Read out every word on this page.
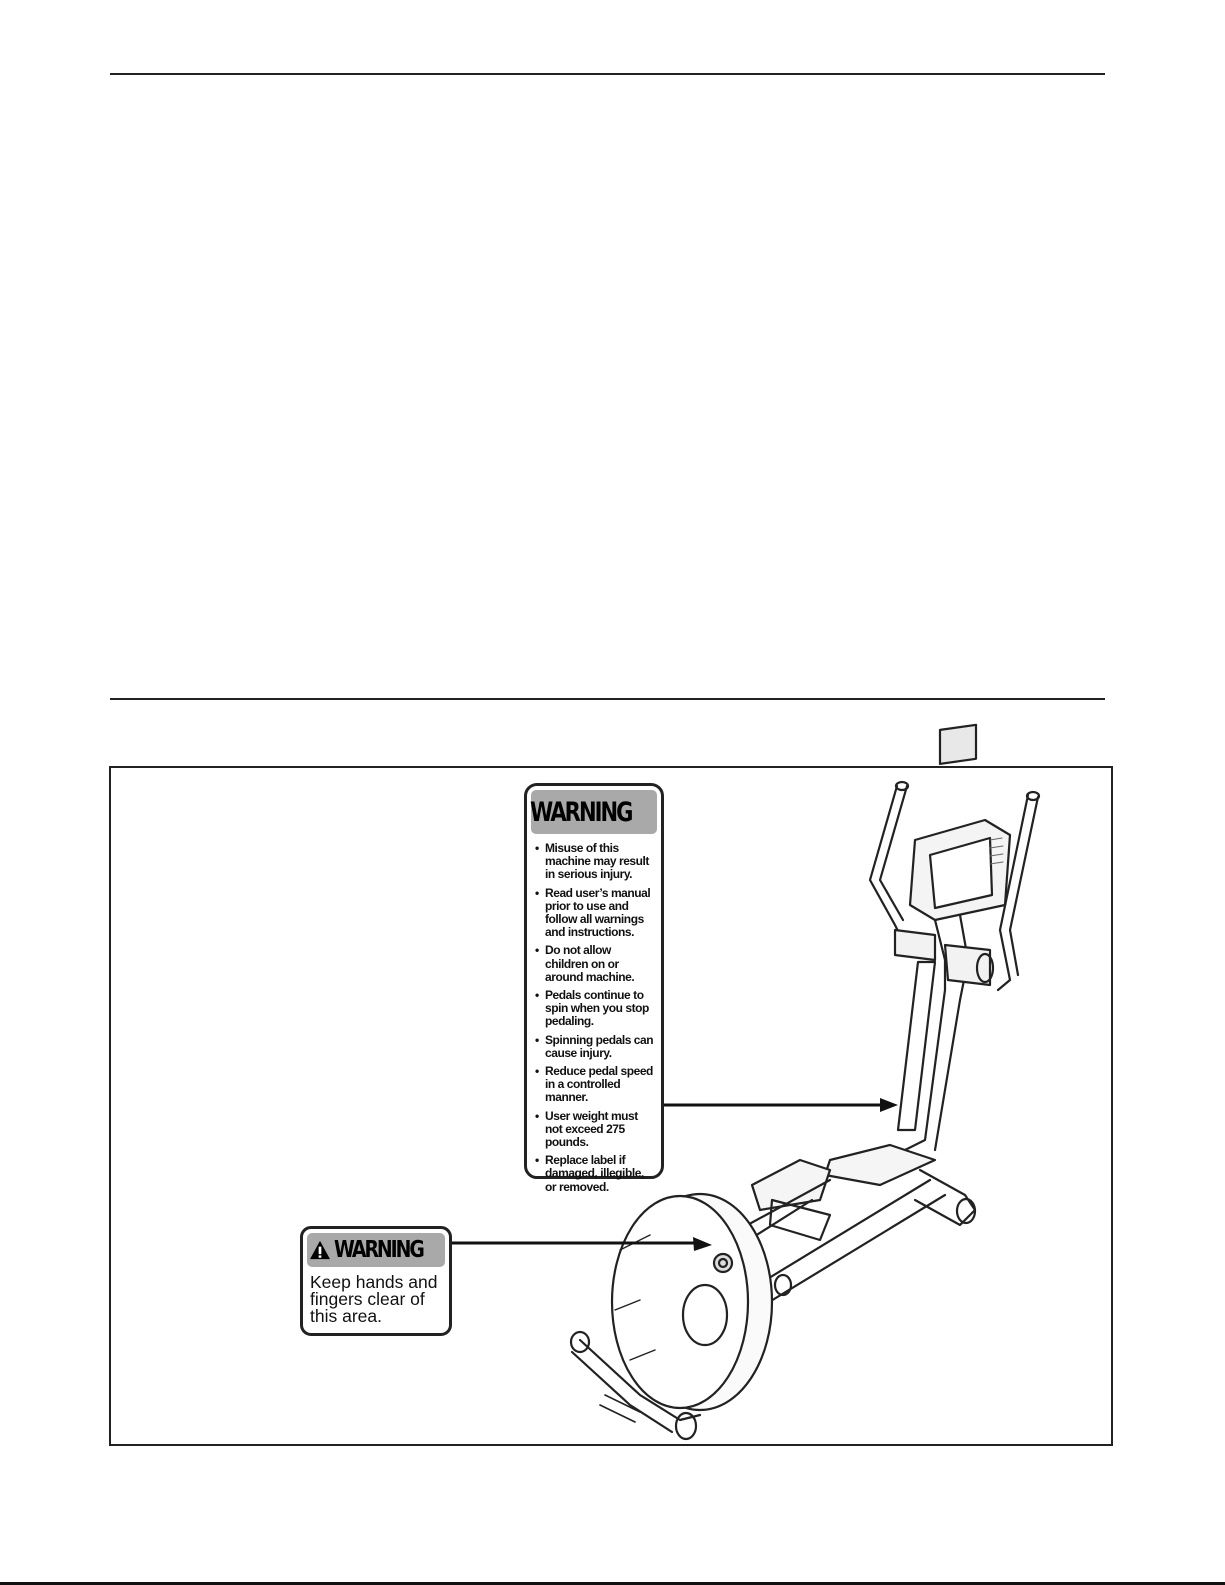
WARNING
• Misuse of this machine may result in serious injury.
• Read user’s manual prior to use and follow all warnings and instructions.
• Do not allow children on or around machine.
• Pedals continue to spin when you stop pedaling.
• Spinning pedals can cause injury.
• Reduce pedal speed in a controlled manner.
• User weight must not exceed 275 pounds.
• Replace label if damaged, illegible, or removed.
WARNING
Keep hands and fingers clear of this area.
